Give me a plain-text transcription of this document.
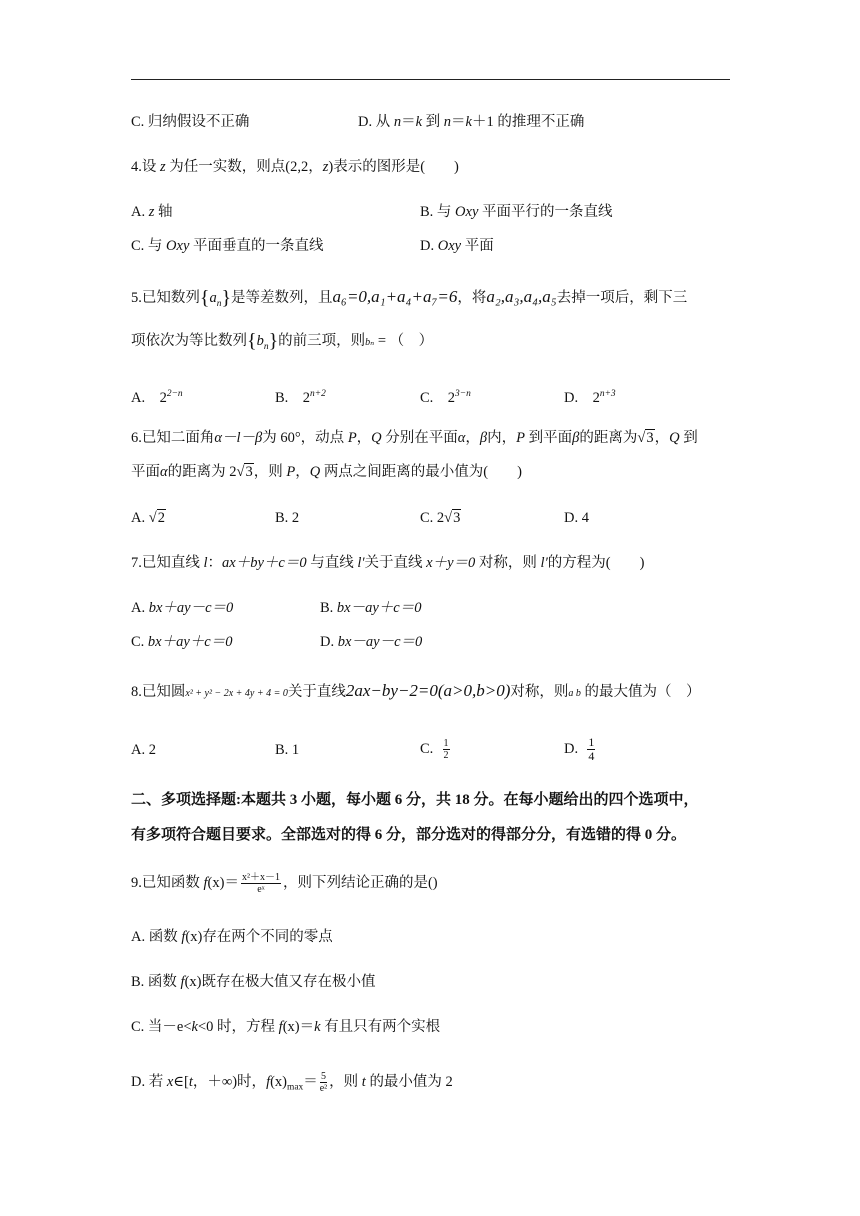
C. 归纳假设不正确	D. 从 n＝k 到 n＝k＋1 的推理不正确
4.设 z 为任一实数，则点(2,2，z)表示的图形是(　　)
A. z 轴	B. 与 Oxy 平面平行的一条直线
C. 与 Oxy 平面垂直的一条直线	D. Oxy 平面
5.已知数列$\{a_n\}$是等差数列，且a₆=0,a₁+a₄+a₇=6，将a₂,a₃,a₄,a₅去掉一项后，剩下三
项依次为等比数列$\{b_n\}$的前三项，则bₙ = （　）
A. $2^{2-n}$	B. $2^{n+2}$	C. $2^{3-n}$	D. $2^{n+3}$
6.已知二面角α－l－β为 60°，动点 P，Q 分别在平面α，β内，P 到平面β的距离为√3，Q 到
平面α的距离为 2√3，则 P，Q 两点之间距离的最小值为(　　)
A. √2	B. 2	C. 2√3	D. 4
7.已知直线 l：ax＋by＋c＝0 与直线 l′关于直线 x＋y＝0 对称，则 l′的方程为(　　)
A. bx＋ay－c＝0	B. bx－ay＋c＝0
C. bx＋ay＋c＝0	D. bx－ay－c＝0
8.已知圆x² + y² − 2x + 4y + 4 = 0关于直线2ax−by−2=0(a>0,b>0)对称，则a b 的最大值为（　）
A. 2	B. 1	C. $\frac{1}{2}$	D. $\frac{1}{4}$
二、多项选择题:本题共 3 小题，每小题 6 分，共 18 分。在每小题给出的四个选项中，
有多项符合题目要求。全部选对的得 6 分，部分选对的得部分分，有选错的得 0 分。
9.已知函数 $f(x)= \frac{\text{x²＋x－1}}{\text{eˣ}}$ ，则下列结论正确的是()
A. 函数 f(x)存在两个不同的零点
B. 函数 f(x)既存在极大值又存在极小值
C. 当－e<k<0 时，方程 f(x)＝k 有且只有两个实根
D. 若 x∈[t，＋∞)时，$f(x)_{max}= \frac{5}{\text{e²}}$ ，则 t 的最小值为 2
